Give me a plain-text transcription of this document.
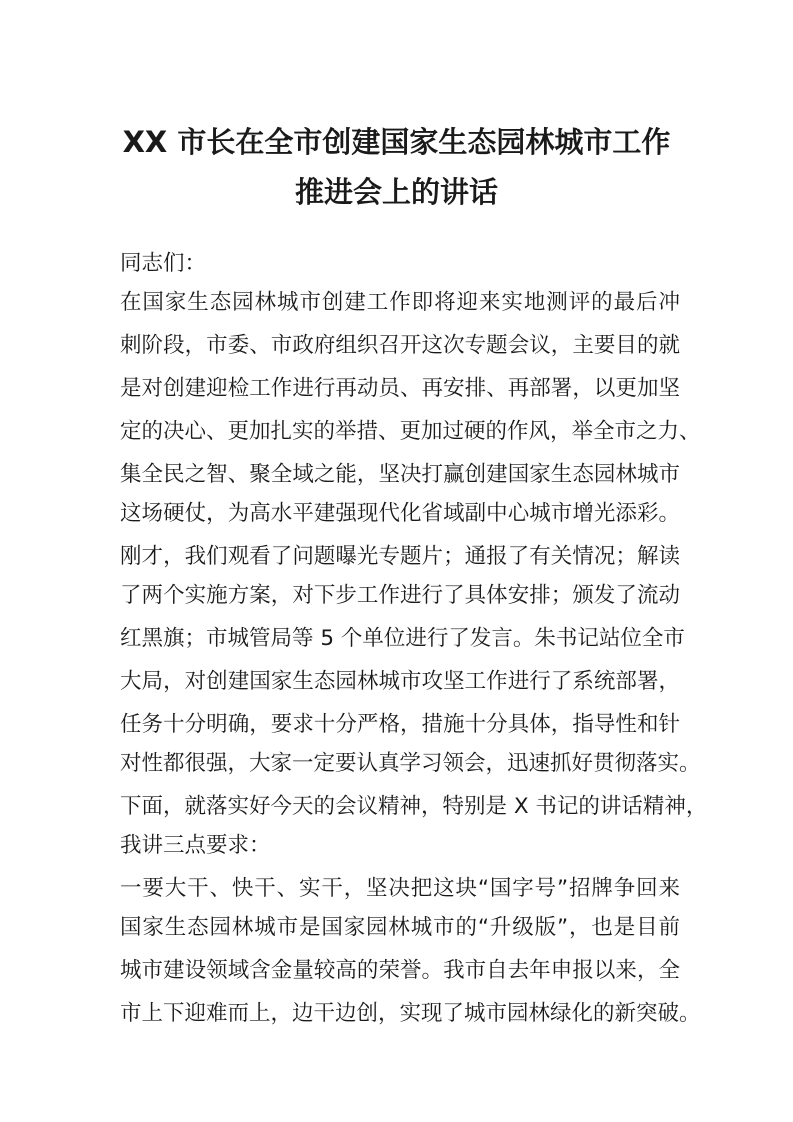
XX 市长在全市创建国家生态园林城市工作
推进会上的讲话
同志们：
在国家生态园林城市创建工作即将迎来实地测评的最后冲
刺阶段，市委、市政府组织召开这次专题会议，主要目的就
是对创建迎检工作进行再动员、再安排、再部署，以更加坚
定的决心、更加扎实的举措、更加过硬的作风，举全市之力、
集全民之智、聚全域之能，坚决打赢创建国家生态园林城市
这场硬仗，为高水平建强现代化省域副中心城市增光添彩。
刚才，我们观看了问题曝光专题片；通报了有关情况；解读
了两个实施方案，对下步工作进行了具体安排；颁发了流动
红黑旗；市城管局等 5 个单位进行了发言。朱书记站位全市
大局，对创建国家生态园林城市攻坚工作进行了系统部署，
任务十分明确，要求十分严格，措施十分具体，指导性和针
对性都很强，大家一定要认真学习领会，迅速抓好贯彻落实。
下面，就落实好今天的会议精神，特别是 X 书记的讲话精神，
我讲三点要求：
一要大干、快干、实干，坚决把这块“国字号”招牌争回来
国家生态园林城市是国家园林城市的“升级版”，也是目前
城市建设领域含金量较高的荣誉。我市自去年申报以来，全
市上下迎难而上，边干边创，实现了城市园林绿化的新突破。
